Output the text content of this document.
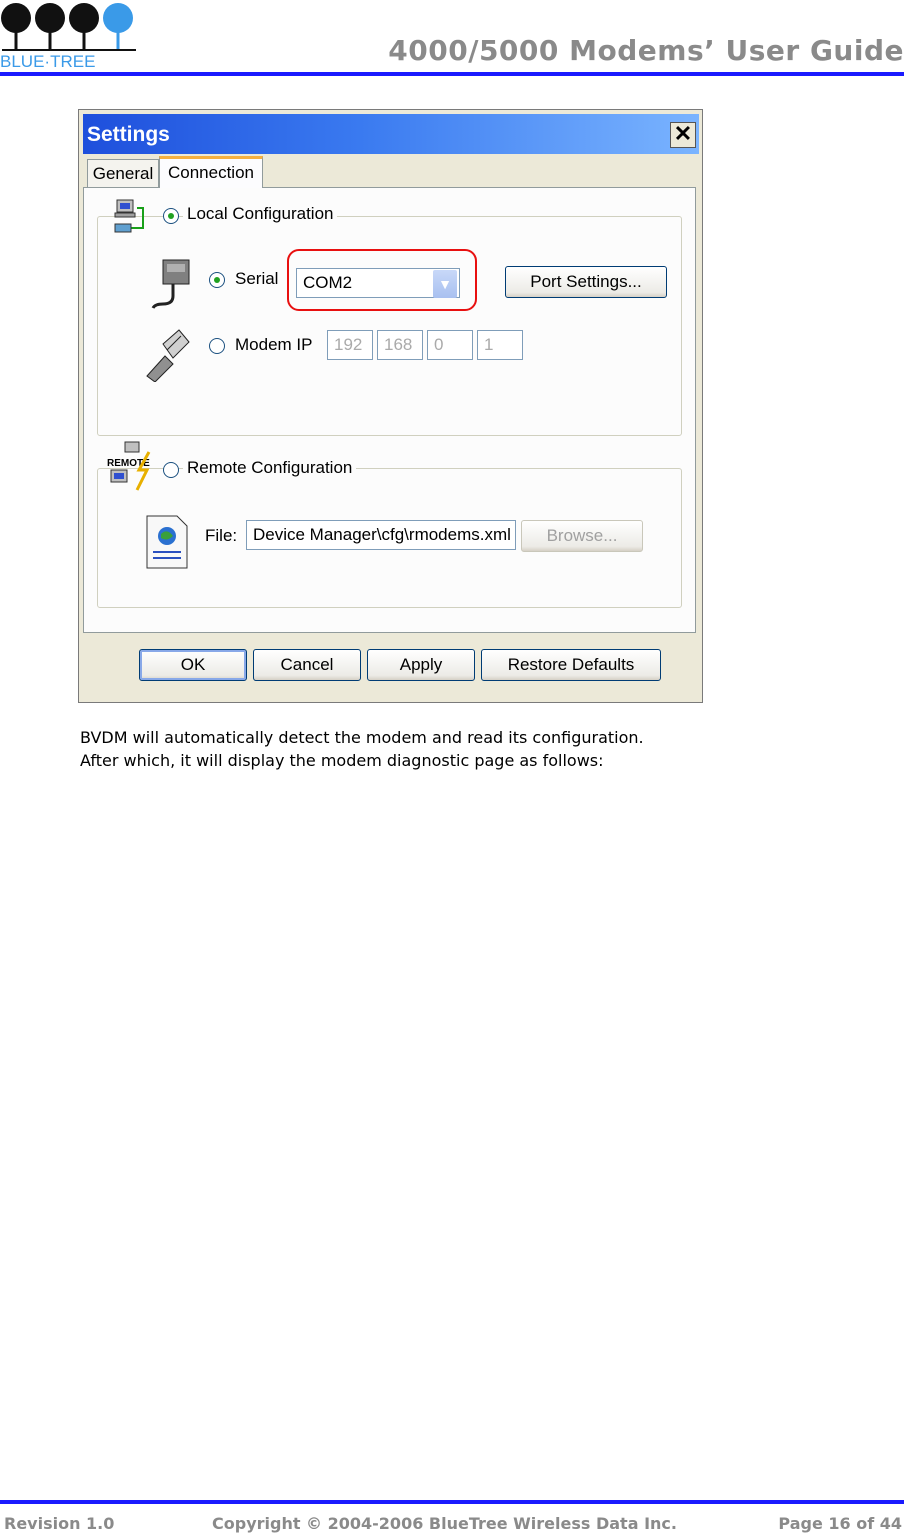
BLUE·TREE	4000/5000 Modems’ User Guide
Settings	✕
General Connection
Local Configuration
Serial	COM2	▼	Port Settings...
Modem IP	192	168	0	1
REMOTE Remote Configuration
File: Device Manager\cfg\rmodems.xml	Browse...
OK	Cancel	Apply	Restore Defaults
BVDM will automatically detect the modem and read its configuration.
After which, it will display the modem diagnostic page as follows:
Revision 1.0	Copyright © 2004-2006 BlueTree Wireless Data Inc.	Page 16 of 44
